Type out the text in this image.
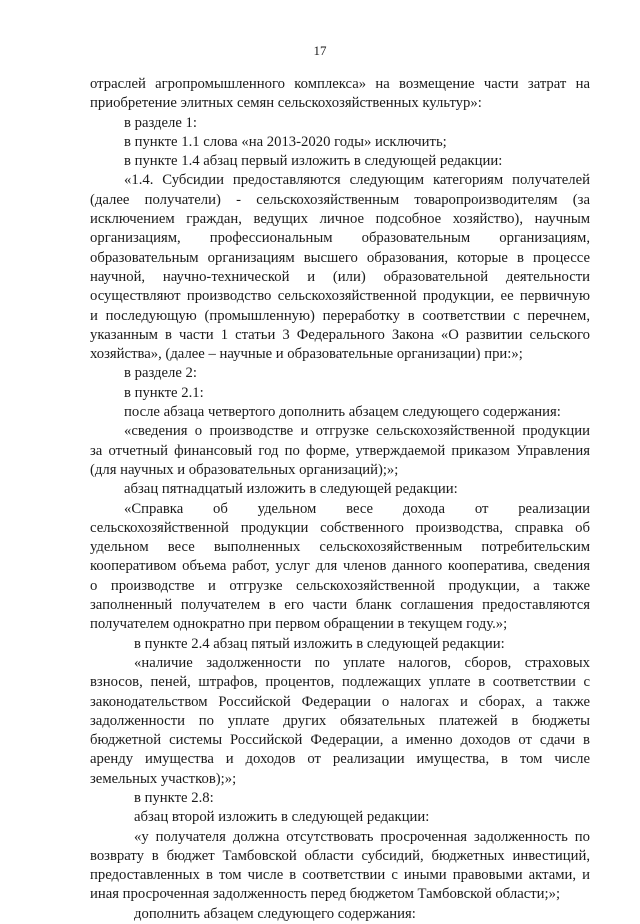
17
отраслей агропромышленного комплекса» на возмещение части затрат на
приобретение элитных семян сельскохозяйственных культур»:
в разделе 1:
в пункте 1.1 слова «на 2013-2020 годы» исключить;
в пункте 1.4 абзац первый изложить в следующей редакции:
«1.4. Субсидии предоставляются следующим категориям получателей
(далее получатели) - сельскохозяйственным товаропроизводителям (за
исключением граждан, ведущих личное подсобное хозяйство), научным
организациям, профессиональным образовательным организациям,
образовательным организациям высшего образования, которые в процессе
научной, научно-технической и (или) образовательной деятельности
осуществляют производство сельскохозяйственной продукции, ее первичную
и последующую (промышленную) переработку в соответствии с перечнем,
указанным в части 1 статьи 3 Федерального Закона «О развитии сельского
хозяйства», (далее – научные и образовательные организации) при:»;
в разделе 2:
в пункте 2.1:
после абзаца четвертого дополнить абзацем следующего содержания:
«сведения о производстве и отгрузке сельскохозяйственной продукции
за отчетный финансовый год по форме, утверждаемой приказом Управления
(для научных и образовательных организаций);»;
абзац пятнадцатый изложить в следующей редакции:
«Справка об удельном весе дохода от реализации
сельскохозяйственной продукции собственного производства, справка об
удельном весе выполненных сельскохозяйственным потребительским
кооперативом объема работ, услуг для членов данного кооператива, сведения
о производстве и отгрузке сельскохозяйственной продукции, а также
заполненный получателем в его части бланк соглашения предоставляются
получателем однократно при первом обращении в текущем году.»;
в пункте 2.4 абзац пятый изложить в следующей редакции:
«наличие задолженности по уплате налогов, сборов, страховых
взносов, пеней, штрафов, процентов, подлежащих уплате в соответствии с
законодательством Российской Федерации о налогах и сборах, а также
задолженности по уплате других обязательных платежей в бюджеты
бюджетной системы Российской Федерации, а именно доходов от сдачи в
аренду имущества и доходов от реализации имущества, в том числе
земельных участков);»;
в пункте 2.8:
абзац второй изложить в следующей редакции:
«у получателя должна отсутствовать просроченная задолженность по
возврату в бюджет Тамбовской области субсидий, бюджетных инвестиций,
предоставленных в том числе в соответствии с иными правовыми актами, и
иная просроченная задолженность перед бюджетом Тамбовской области;»;
дополнить абзацем следующего содержания:
